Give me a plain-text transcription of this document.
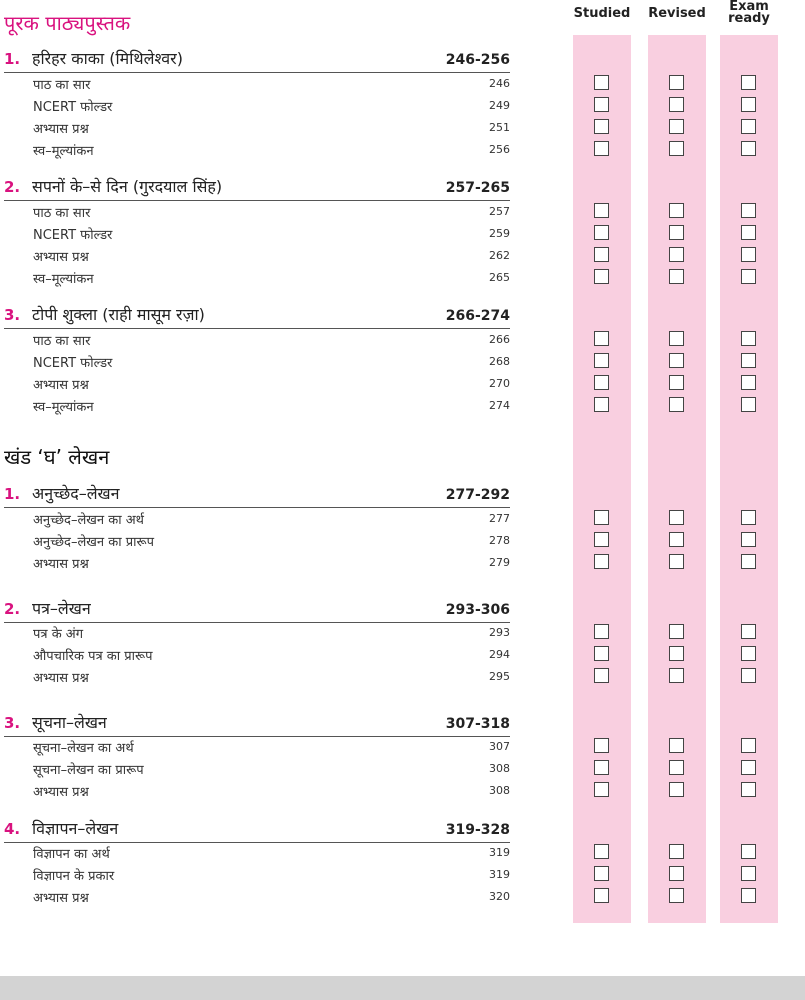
Studied	Revised	Exam
ready
पूरक पाठ्यपुस्तक
खंड ‘घ’ लेखन
1. हरिहर काका (मिथिलेश्वर)	246-256
पाठ का सार	246
NCERT फोल्डर	249
अभ्यास प्रश्न	251
स्व–मूल्यांकन	256
2. सपनों के–से दिन (गुरदयाल सिंह)	257-265
पाठ का सार	257
NCERT फोल्डर	259
अभ्यास प्रश्न	262
स्व–मूल्यांकन	265
3. टोपी शुक्ला (राही मासूम रज़ा)	266-274
पाठ का सार	266
NCERT फोल्डर	268
अभ्यास प्रश्न	270
स्व–मूल्यांकन	274
1. अनुच्छेद–लेखन	277-292
अनुच्छेद–लेखन का अर्थ	277
अनुच्छेद–लेखन का प्रारूप	278
अभ्यास प्रश्न	279
2. पत्र–लेखन	293-306
पत्र के अंग	293
औपचारिक पत्र का प्रारूप	294
अभ्यास प्रश्न	295
3. सूचना–लेखन	307-318
सूचना–लेखन का अर्थ	307
सूचना–लेखन का प्रारूप	308
अभ्यास प्रश्न	308
4. विज्ञापन–लेखन	319-328
विज्ञापन का अर्थ	319
विज्ञापन के प्रकार	319
अभ्यास प्रश्न	320
